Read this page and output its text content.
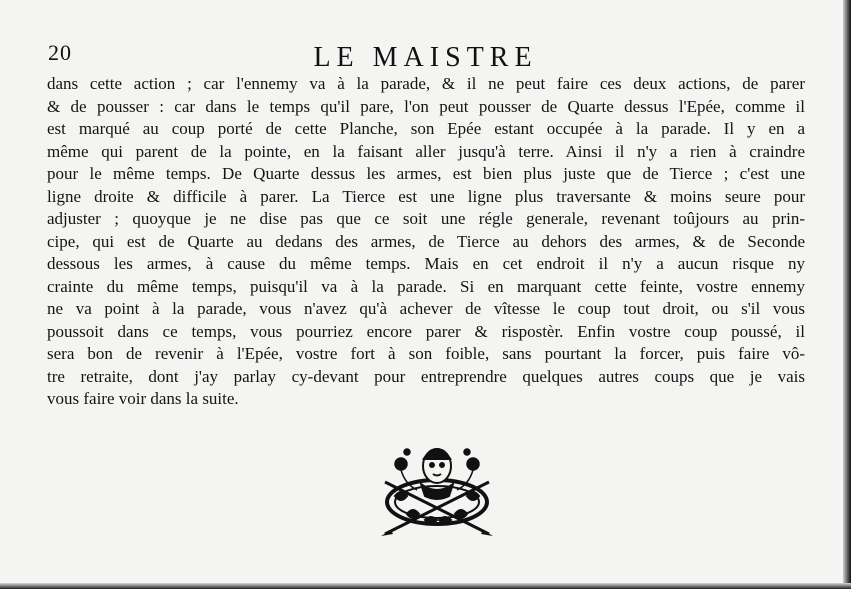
20	LE MAISTRE
dans cette action ; car l'ennemy va à la parade, & il ne peut faire ces deux actions, de parer
& de pousser : car dans le temps qu'il pare, l'on peut pousser de Quarte dessus l'Epée, comme il
est marqué au coup porté de cette Planche, son Epée estant occupée à la parade. Il y en a
même qui parent de la pointe, en la faisant aller jusqu'à terre. Ainsi il n'y a rien à craindre
pour le même temps. De Quarte dessus les armes, est bien plus juste que de Tierce ; c'est une
ligne droite & difficile à parer. La Tierce est une ligne plus traversante & moins seure pour
adjuster ; quoyque je ne dise pas que ce soit une régle generale, revenant toûjours au prin-
cipe, qui est de Quarte au dedans des armes, de Tierce au dehors des armes, & de Seconde
dessous les armes, à cause du même temps. Mais en cet endroit il n'y a aucun risque ny
crainte du même temps, puisqu'il va à la parade. Si en marquant cette feinte, vostre ennemy
ne va point à la parade, vous n'avez qu'à achever de vîtesse le coup tout droit, ou s'il vous
poussoit dans ce temps, vous pourriez encore parer & rispostèr. Enfin vostre coup poussé, il
sera bon de revenir à l'Epée, vostre fort à son foible, sans pourtant la forcer, puis faire vô-
tre retraite, dont j'ay parlay cy-devant pour entreprendre quelques autres coups que je vais
vous faire voir dans la suite.
